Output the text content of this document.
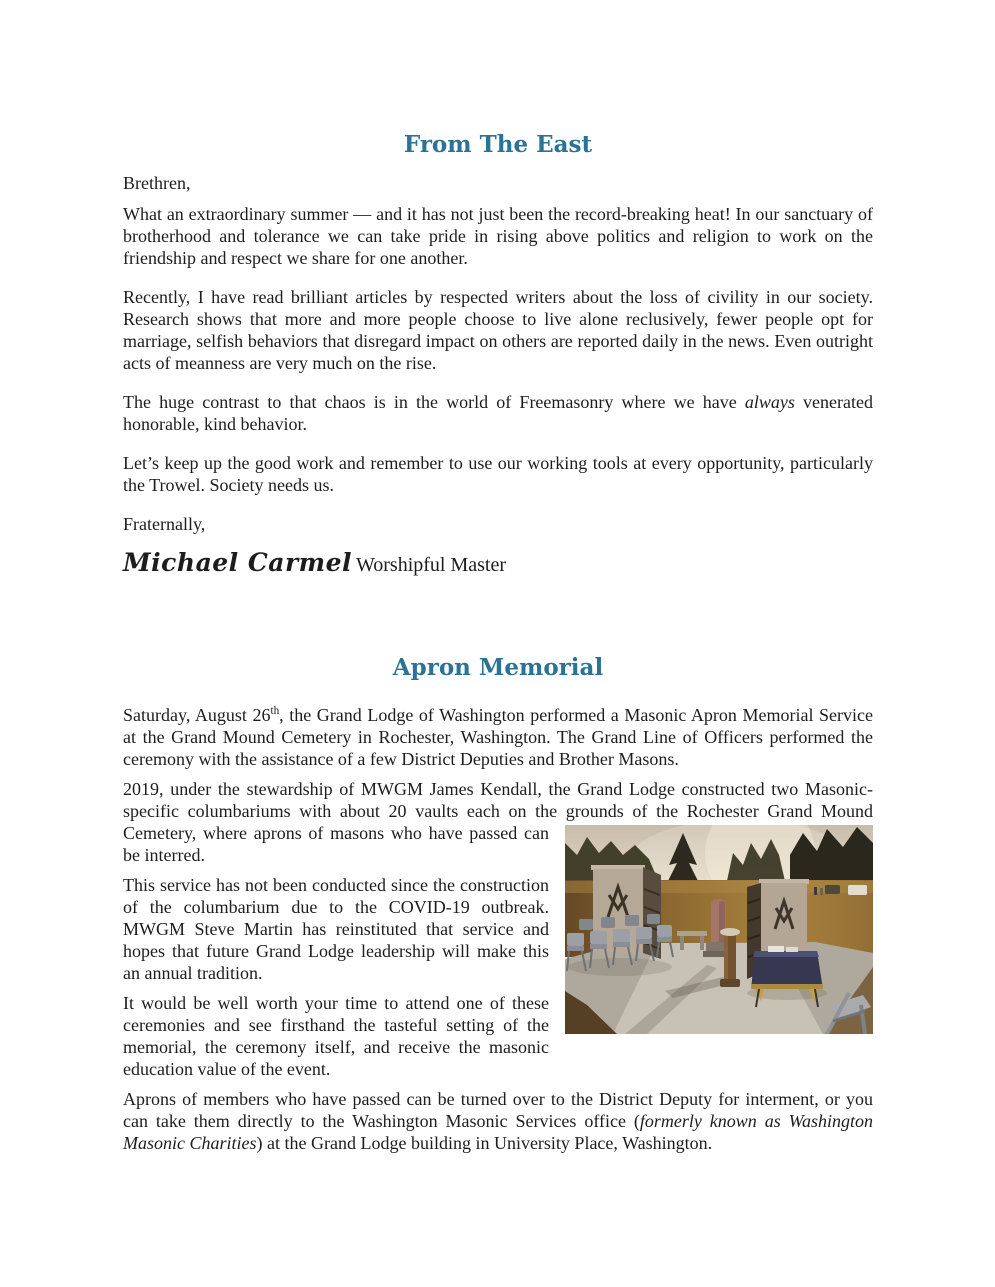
From The East

Brethren,

What an extraordinary summer — and it has not just been the record-breaking heat! In our sanctuary of brotherhood and tolerance we can take pride in rising above politics and religion to work on the friendship and respect we share for one another.

Recently, I have read brilliant articles by respected writers about the loss of civility in our society. Research shows that more and more people choose to live alone reclusively, fewer people opt for marriage, selfish behaviors that disregard impact on others are reported daily in the news. Even outright acts of meanness are very much on the rise.

The huge contrast to that chaos is in the world of Freemasonry where we have always venerated honorable, kind behavior.

Let’s keep up the good work and remember to use our working tools at every opportunity, particularly the Trowel. Society needs us.

Fraternally,

Michael Carmel Worshipful Master

Apron Memorial

Saturday, August 26th, the Grand Lodge of Washington performed a Masonic Apron Memorial Service at the Grand Mound Cemetery in Rochester, Washington. The Grand Line of Officers performed the ceremony with the assistance of a few District Deputies and Brother Masons.

2019, under the stewardship of MWGM James Kendall, the Grand Lodge constructed two Masonic-specific columbariums with about 20 vaults each on the grounds of the Rochester Grand
Mound Cemetery, where aprons of masons who have passed can be interred.

This service has not been conducted since the construction of the columbarium due to the COVID-19 outbreak. MWGM Steve Martin has reinstituted that service and hopes that future Grand Lodge leadership will make this an annual tradition.

It would be well worth your time to attend one of these ceremonies and see firsthand the tasteful setting of the memorial, the ceremony itself, and receive the masonic education value of the event.

Aprons of members who have passed can be turned over to the District Deputy for interment, or you can take them directly to the Washington Masonic Services office (formerly known as Washington Masonic Charities) at the Grand Lodge building in University Place, Washington.
